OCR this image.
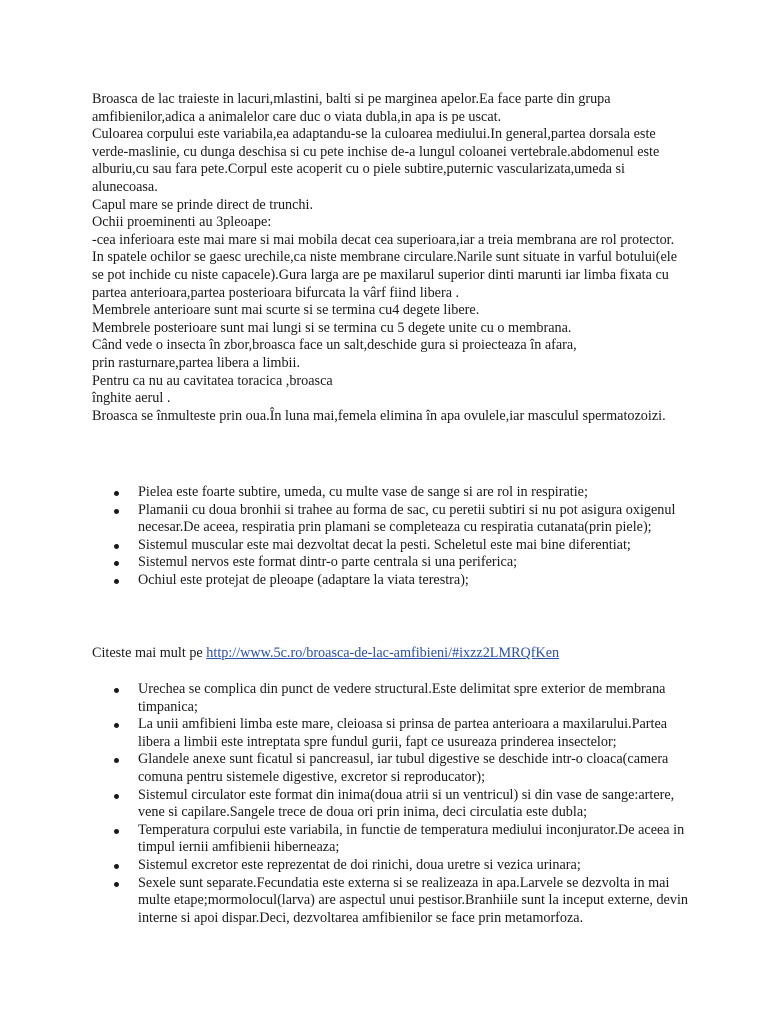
Broasca de lac traieste in lacuri,mlastini, balti si pe marginea apelor.Ea face parte din grupa amfibienilor,adica a animalelor care duc o viata dubla,in apa is pe uscat.

Culoarea corpului este variabila,ea adaptandu-se la culoarea mediului.In general,partea dorsala este verde-maslinie, cu dunga deschisa si cu pete inchise de-a lungul coloanei vertebrale.abdomenul este alburiu,cu sau fara pete.Corpul este acoperit cu o piele subtire,puternic vascularizata,umeda si alunecoasa.

Capul mare se prinde direct de trunchi.

Ochii proeminenti au 3pleoape:

-cea inferioara este mai mare si mai mobila decat cea superioara,iar a treia membrana are rol protector.

In spatele ochilor se gaesc urechile,ca niste membrane circulare.Narile sunt situate in varful botului(ele se pot inchide cu niste capacele).Gura larga are pe maxilarul superior dinti marunti iar limba fixata cu partea anterioara,partea posterioara bifurcata la vârf fiind libera .

Membrele anterioare sunt mai scurte si se termina cu4 degete libere.

Membrele posterioare sunt mai lungi si se termina cu 5 degete unite cu o membrana.

Când vede o insecta în zbor,broasca face un salt,deschide gura si proiecteaza în afara,

prin rasturnare,partea libera a limbii.

Pentru ca nu au cavitatea toracica ,broasca

înghite aerul .

Broasca se înmulteste prin oua.În luna mai,femela elimina în apa ovulele,iar masculul spermatozoizi.

Pielea este foarte subtire, umeda, cu multe vase de sange si are rol in respiratie;
Plamanii cu doua bronhii si trahee au forma de sac, cu peretii subtiri si nu pot asigura oxigenul necesar.De aceea, respiratia prin plamani se completeaza cu respiratia cutanata(prin piele);
Sistemul muscular este mai dezvoltat decat la pesti. Scheletul este mai bine diferentiat;
Sistemul nervos este format dintr-o parte centrala si una periferica;
Ochiul este protejat de pleoape (adaptare la viata terestra);
Citeste mai mult pe http://www.5c.ro/broasca-de-lac-amfibieni/#ixzz2LMRQfKen
Urechea se complica din punct de vedere structural.Este delimitat spre exterior de membrana timpanica;
La unii amfibieni limba este mare, cleioasa si prinsa de partea anterioara a maxilarului.Partea libera a limbii este intreptata spre fundul gurii, fapt ce usureaza prinderea insectelor;
Glandele anexe sunt ficatul si pancreasul, iar tubul digestive se deschide intr-o cloaca(camera comuna pentru sistemele digestive, excretor si reproducator);
Sistemul circulator este format din inima(doua atrii si un ventricul) si din vase de sange:artere, vene si capilare.Sangele trece de doua ori prin inima, deci circulatia este dubla;
Temperatura corpului este variabila, in functie de temperatura mediului inconjurator.De aceea in timpul iernii amfibienii hiberneaza;
Sistemul excretor este reprezentat de doi rinichi, doua uretre si vezica urinara;
Sexele sunt separate.Fecundatia este externa si se realizeaza in apa.Larvele se dezvolta in mai multe etape;mormolocul(larva) are aspectul unui pestisor.Branhiile sunt la inceput externe, devin interne si apoi dispar.Deci, dezvoltarea amfibienilor se face prin metamorfoza.
